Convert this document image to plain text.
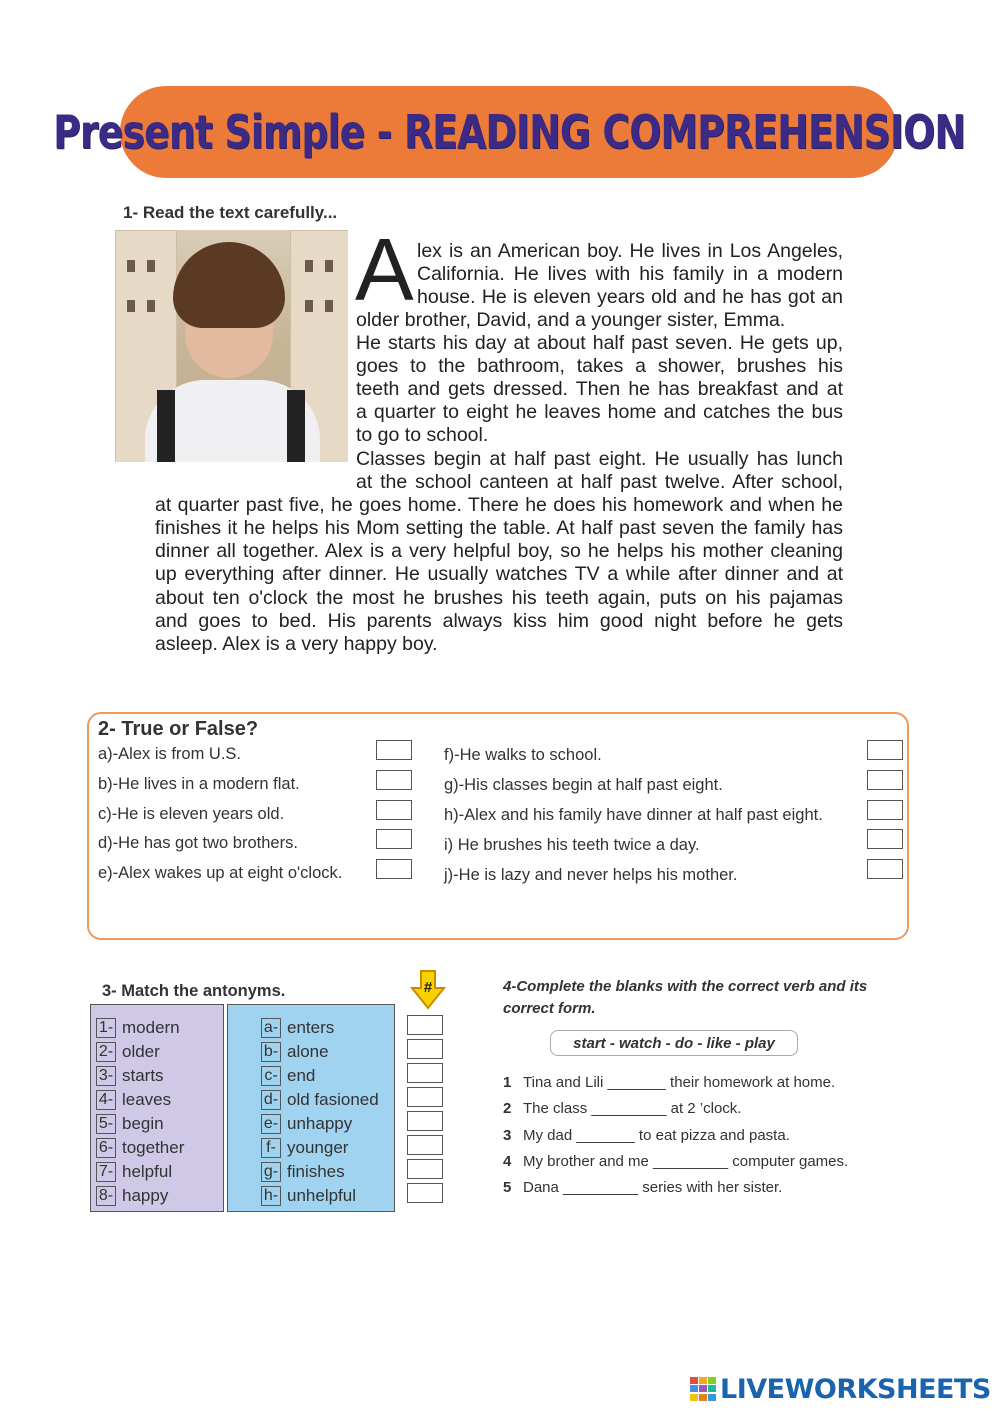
Present Simple - READING COMPREHENSION
1- Read the text carefully...
A lex is an American boy. He lives in Los Angeles,
California. He lives with his family in a modern
house. He is eleven years old and he has got an
older brother, David, and a younger sister, Emma.
He starts his day at about half past seven. He gets up,
goes to the bathroom, takes a shower, brushes his
teeth and gets dressed. Then he has breakfast and at
a quarter to eight he leaves home and catches the bus
to go to school.
Classes begin at half past eight. He usually has lunch
at the school canteen at half past twelve. After school,
at quarter past five, he goes home. There he does his homework and when he
finishes it he helps his Mom setting the table. At half past seven the family has
dinner all together. Alex is a very helpful boy, so he helps his mother cleaning
up everything after dinner. He usually watches TV a while after dinner and at
about ten o'clock the most he brushes his teeth again, puts on his pajamas
and goes to bed. His parents always kiss him good night before he gets
asleep. Alex is a very happy boy.
2- True or False?
a)-Alex is from U.S.
b)-He lives in a modern flat.
c)-He is eleven years old.
d)-He has got two brothers.
e)-Alex wakes up at eight o'clock.
f)-He walks to school.
g)-His classes begin at half past eight.
h)-Alex and his family have dinner at half past eight.
i) He brushes his teeth twice a day.
j)-He is lazy and never helps his mother.
3- Match the antonyms.	#
1- modern
2- older
3- starts
4- leaves
5- begin
6- together
7- helpful
8- happy
a- enters
b- alone
c- end
d- old fasioned
e- unhappy
f- younger
g- finishes
h- unhelpful
4-Complete the blanks with the correct verb and its correct form.
start - watch - do - like - play
1 Tina and Lili _______ their homework at home.
2 The class _________ at 2 ’clock.
3 My dad _______ to eat pizza and pasta.
4 My brother and me _________ computer games.
5 Dana _________ series with her sister.
LIVEWORKSHEETS
